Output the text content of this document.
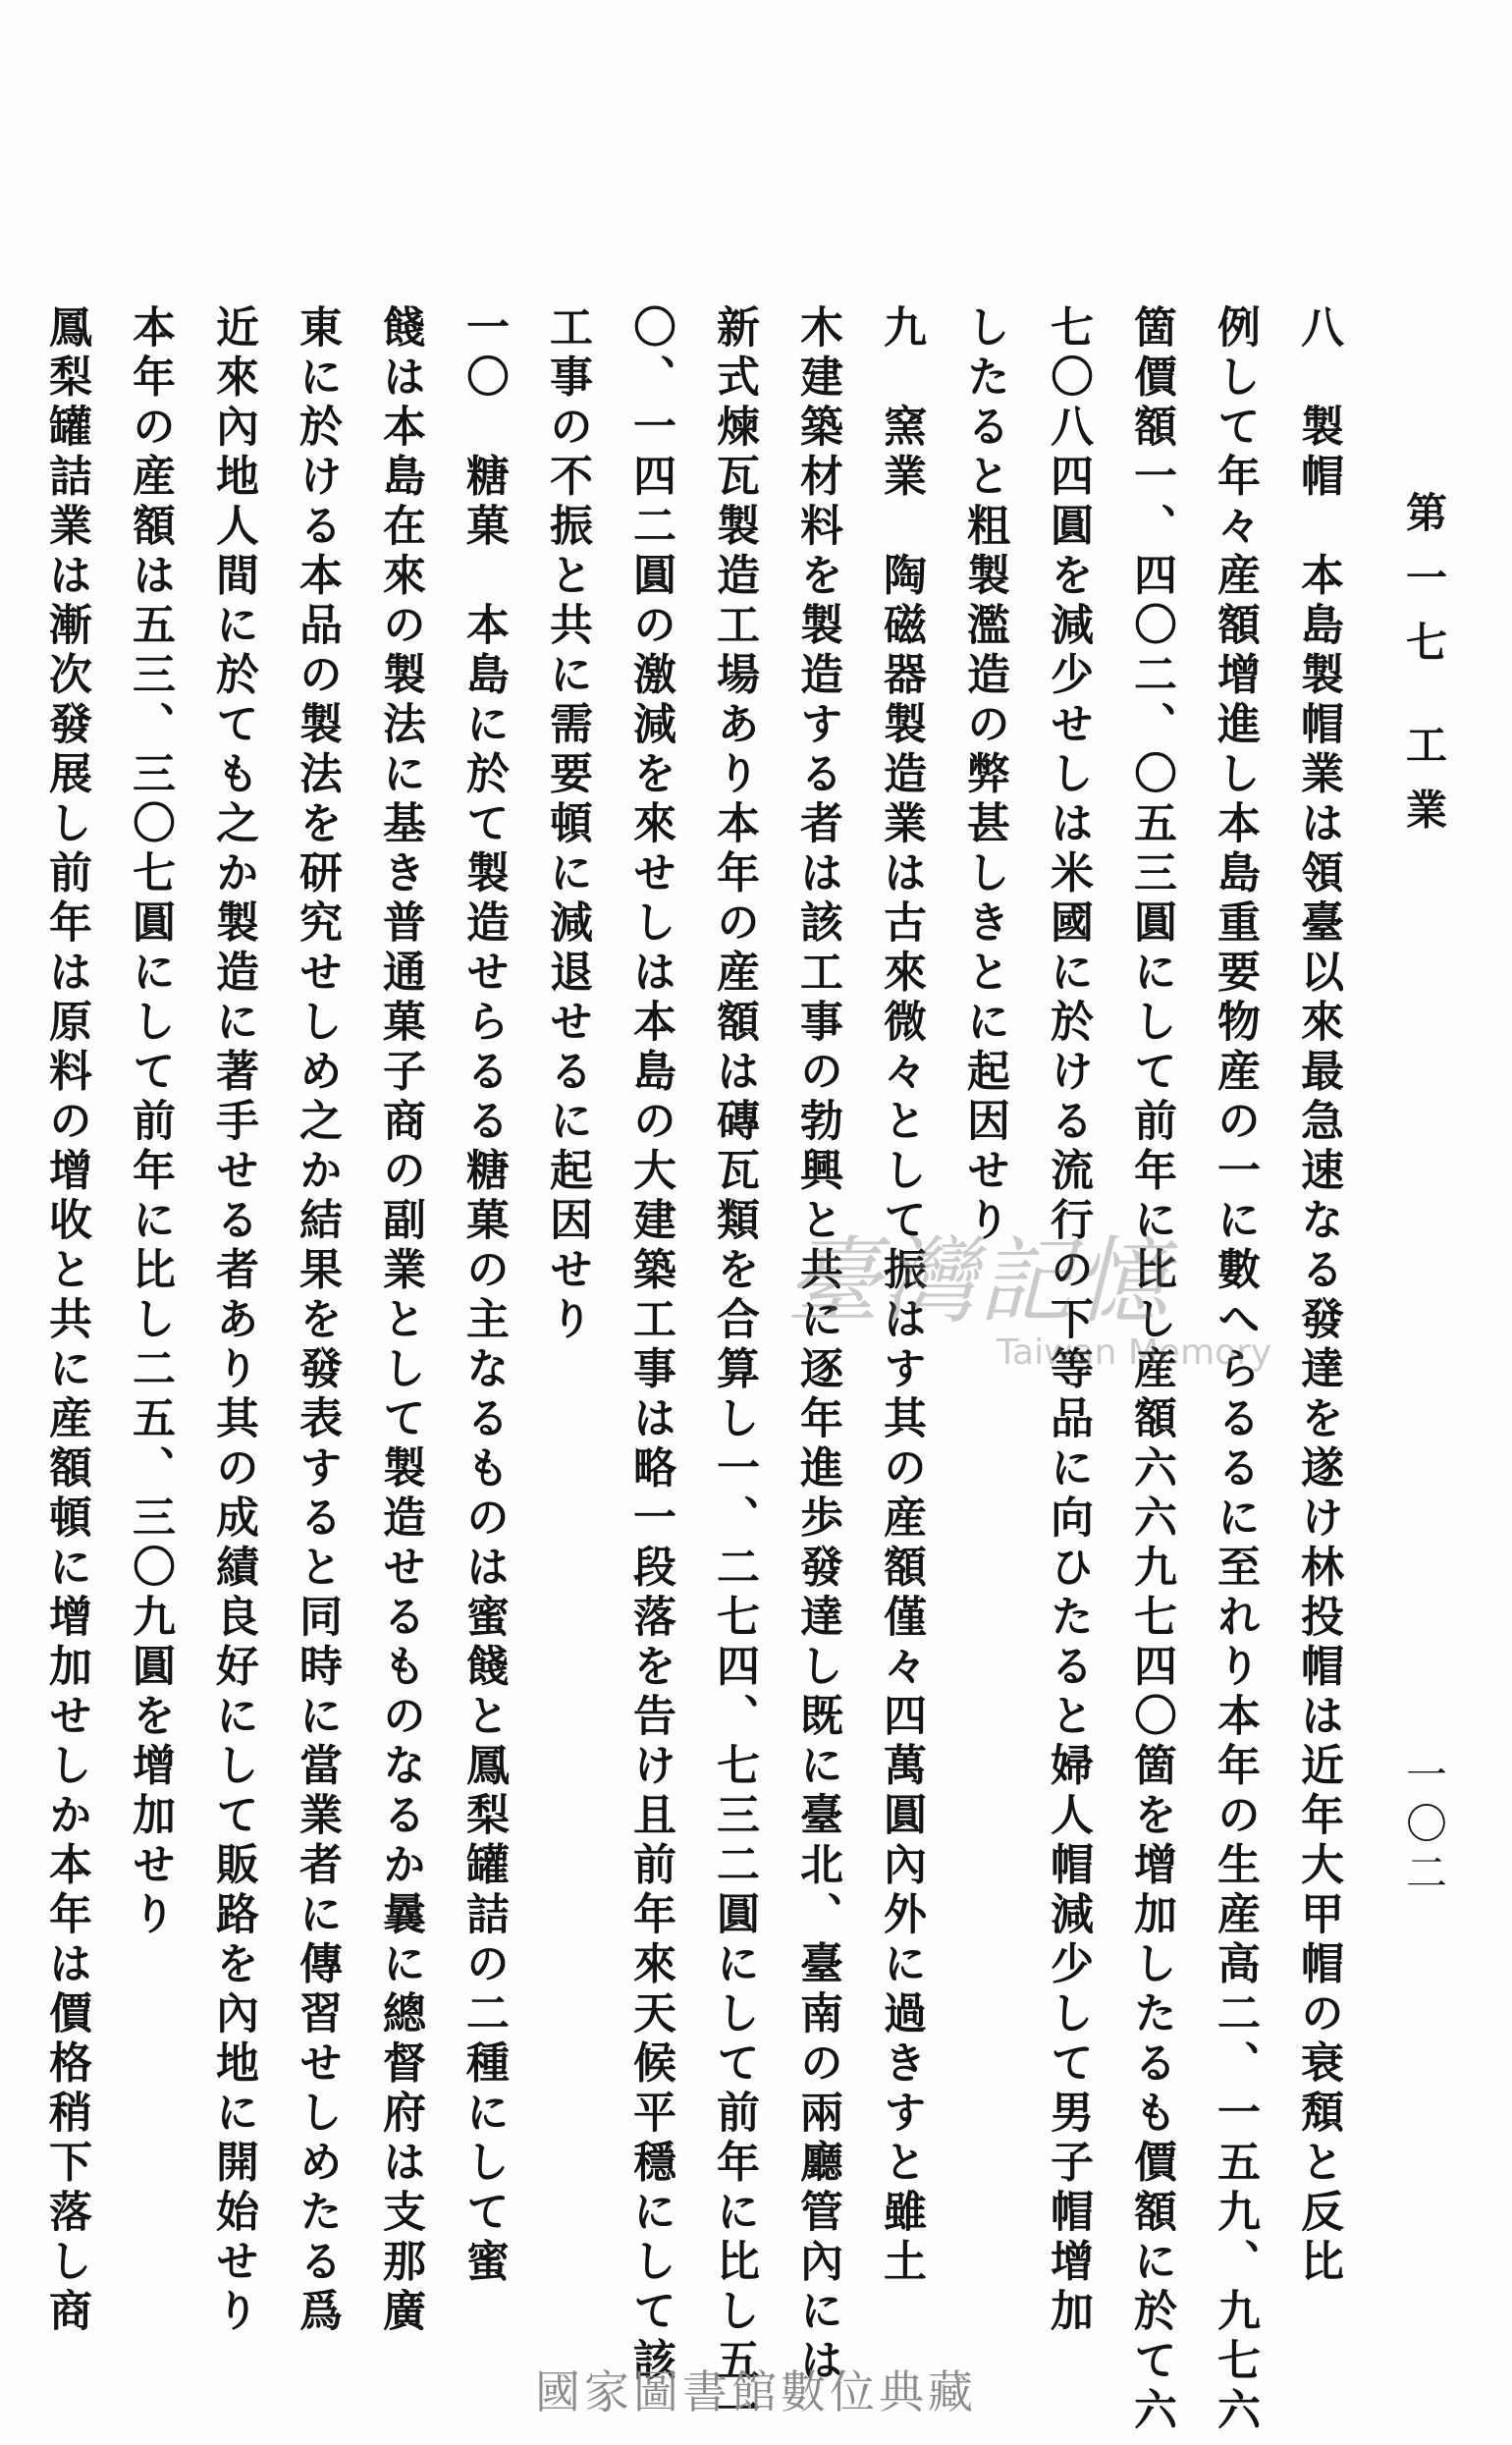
第一七 工業
一〇二
八　製帽　本島製帽業は領臺以來最急速なる發達を遂け林投帽は近年大甲帽の衰頽と反比
例して年々産額增進し本島重要物産の一に數へらるるに至れり本年の生産高二、一五九、九七六
箇價額一、四〇二、〇五三圓にして前年に比し産額六六九七四〇箇を增加したるも價額に於て六
七〇八四圓を減少せしは米國に於ける流行の下等品に向ひたると婦人帽減少して男子帽增加
したると粗製濫造の弊甚しきとに起因せり
九　窯業　陶磁器製造業は古來微々として振はす其の産額僅々四萬圓內外に過きすと雖土
木建築材料を製造する者は該工事の勃興と共に逐年進歩發達し既に臺北、臺南の兩廳管內には
新式煉瓦製造工場あり本年の産額は磚瓦類を合算し一、二七四、七三二圓にして前年に比し五一
〇、一四二圓の激減を來せしは本島の大建築工事は略一段落を告け且前年來天候平穩にして該
工事の不振と共に需要頓に減退せるに起因せり
一〇　糖菓　本島に於て製造せらるる糖菓の主なるものは蜜餞と鳳梨罐詰の二種にして蜜
餞は本島在來の製法に基き普通菓子商の副業として製造せるものなるか曩に總督府は支那廣
東に於ける本品の製法を研究せしめ之か結果を發表すると同時に當業者に傳習せしめたる爲
近來內地人間に於ても之か製造に著手せる者あり其の成績良好にして販路を內地に開始せり
本年の産額は五三、三〇七圓にして前年に比し二五、三〇九圓を增加せり
鳳梨罐詰業は漸次發展し前年は原料の增收と共に産額頓に增加せしか本年は價格稍下落し商	臺灣記憶
Taiwan Memory
國家圖書館數位典藏
